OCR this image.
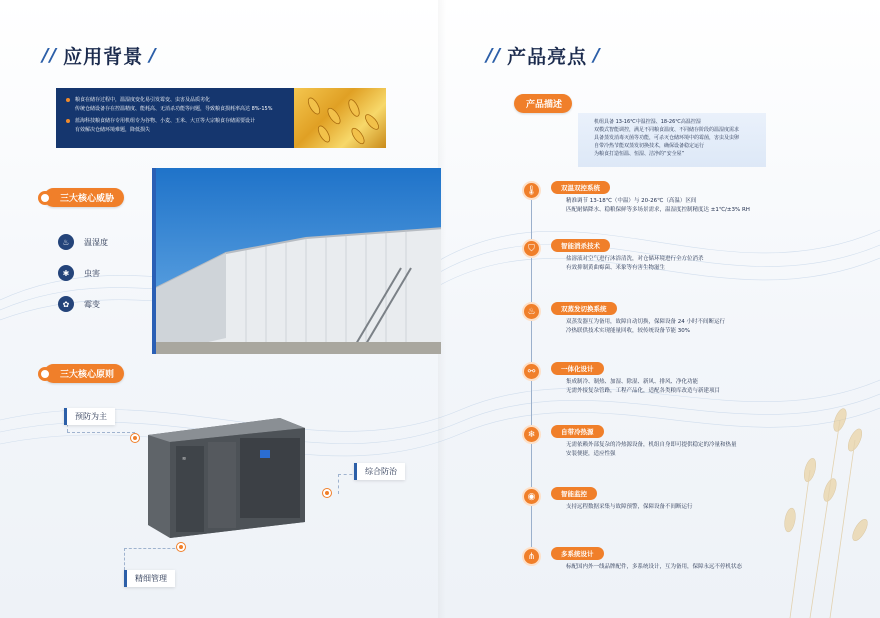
// 应用背景 /
粮食在储存过程中，温湿度变化易引发霉变、虫害及品质劣化
传统仓储设备存在控温精度、能耗高、无消杀功能等问题，导致粮食损耗率高达 8%-15%
蓝海科技粮食储存专用机组专为谷物、小麦、玉米、大豆等大宗粮食存储需要设计
有效解决仓储环境难题，降低损失
三大核心威胁
♨	温湿度
✱	虫害
✿	霉变
三大核心原则
≋
预防为主
综合防治
精细管理
// 产品亮点 /
产品描述
机组具备 13-16℃中温控湿、18-26℃高温控湿
双模式智能调控，满足不同粮食温度、不同储存阶段的温湿度需求
具备蒸发消毒灭菌等功能，可杀灭仓储环境中的霉菌，害虫及虫卵
自带冷热节能双蒸发切换技术，确保设备稳定运行
为粮食打造恒温、恒湿、洁净的“安全屋”
🌡	双温双控系统
精准调节 13-18℃（中温）与 20-26℃（高温）区间
匹配耐储降水、稳粮保鲜等多场景需求，温湿度控制精度达 ±1℃/±3% RH
⛉	智能消杀技术
盐溶液对空气进行沐浴清洗，对仓储环境进行全方位消杀
有效抑制黄曲霉菌、米象等有害生物滋生
♨	双蒸发切换系统
双蒸发器互为备用，故障自动切换，保障设备 24 小时不间断运行
冷热联供技术实现能量回收，较传统设备节能 30%
⚯	一体化设计
集成制冷、制热、加湿、除湿、新风、排风、净化功能
无需外接复杂管路，工程产品化，适配各类粮库改造与新建项目
❄	自带冷热源
无需依赖外部复杂的冷热源设备，机组自身即可提供稳定的冷量和热量
安装便捷，适应性强
◉	智能监控
支持远程数据采集与故障预警，保障设备不间断运行
⋔	多系统设计
标配国内外一线品牌配件，多系统设计，互为备用，保障永远不停机状态
